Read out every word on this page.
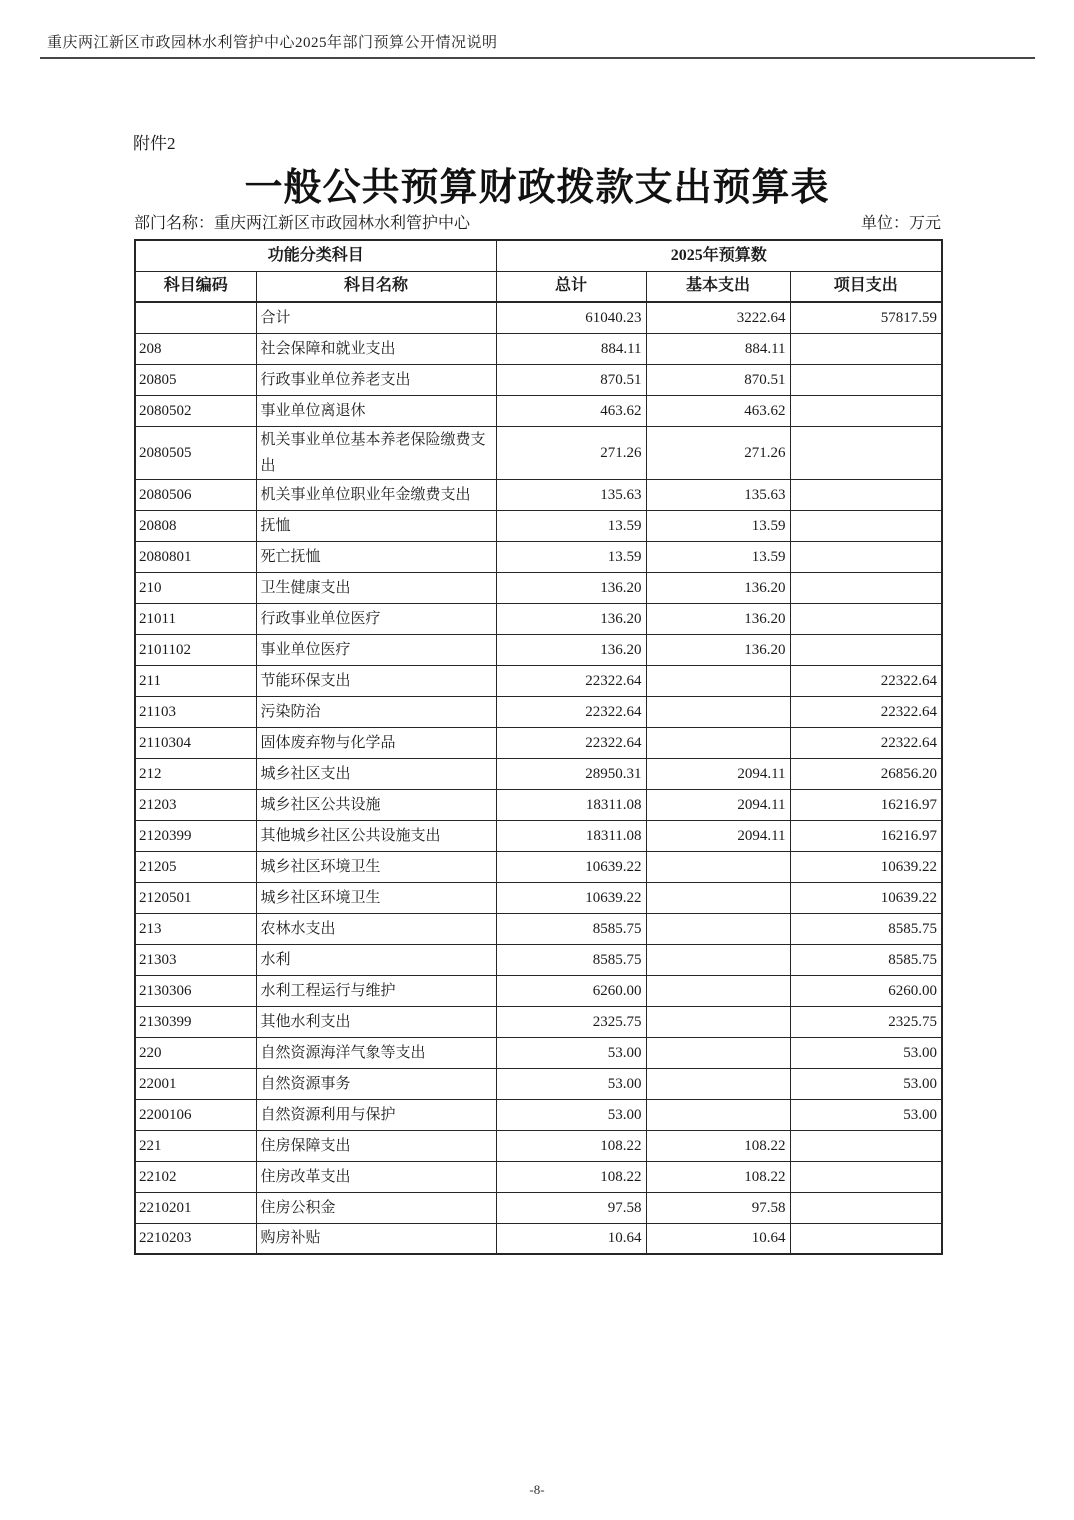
重庆两江新区市政园林水利管护中心2025年部门预算公开情况说明
附件2
一般公共预算财政拨款支出预算表
部门名称：重庆两江新区市政园林水利管护中心	单位：万元
功能分类科目		2025年预算数		
科目编码	科目名称	总计	基本支出	项目支出
	合计	61040.23	3222.64	57817.59
208	社会保障和就业支出	884.11	884.11	
20805	行政事业单位养老支出	870.51	870.51	
2080502	事业单位离退休	463.62	463.62	
2080505	机关事业单位基本养老保险缴费支出	271.26	271.26	
2080506	机关事业单位职业年金缴费支出	135.63	135.63	
20808	抚恤	13.59	13.59	
2080801	死亡抚恤	13.59	13.59	
210	卫生健康支出	136.20	136.20	
21011	行政事业单位医疗	136.20	136.20	
2101102	事业单位医疗	136.20	136.20	
211	节能环保支出	22322.64		22322.64
21103	污染防治	22322.64		22322.64
2110304	固体废弃物与化学品	22322.64		22322.64
212	城乡社区支出	28950.31	2094.11	26856.20
21203	城乡社区公共设施	18311.08	2094.11	16216.97
2120399	其他城乡社区公共设施支出	18311.08	2094.11	16216.97
21205	城乡社区环境卫生	10639.22		10639.22
2120501	城乡社区环境卫生	10639.22		10639.22
213	农林水支出	8585.75		8585.75
21303	水利	8585.75		8585.75
2130306	水利工程运行与维护	6260.00		6260.00
2130399	其他水利支出	2325.75		2325.75
220	自然资源海洋气象等支出	53.00		53.00
22001	自然资源事务	53.00		53.00
2200106	自然资源利用与保护	53.00		53.00
221	住房保障支出	108.22	108.22	
22102	住房改革支出	108.22	108.22	
2210201	住房公积金	97.58	97.58	
2210203	购房补贴	10.64	10.64	
-8-
